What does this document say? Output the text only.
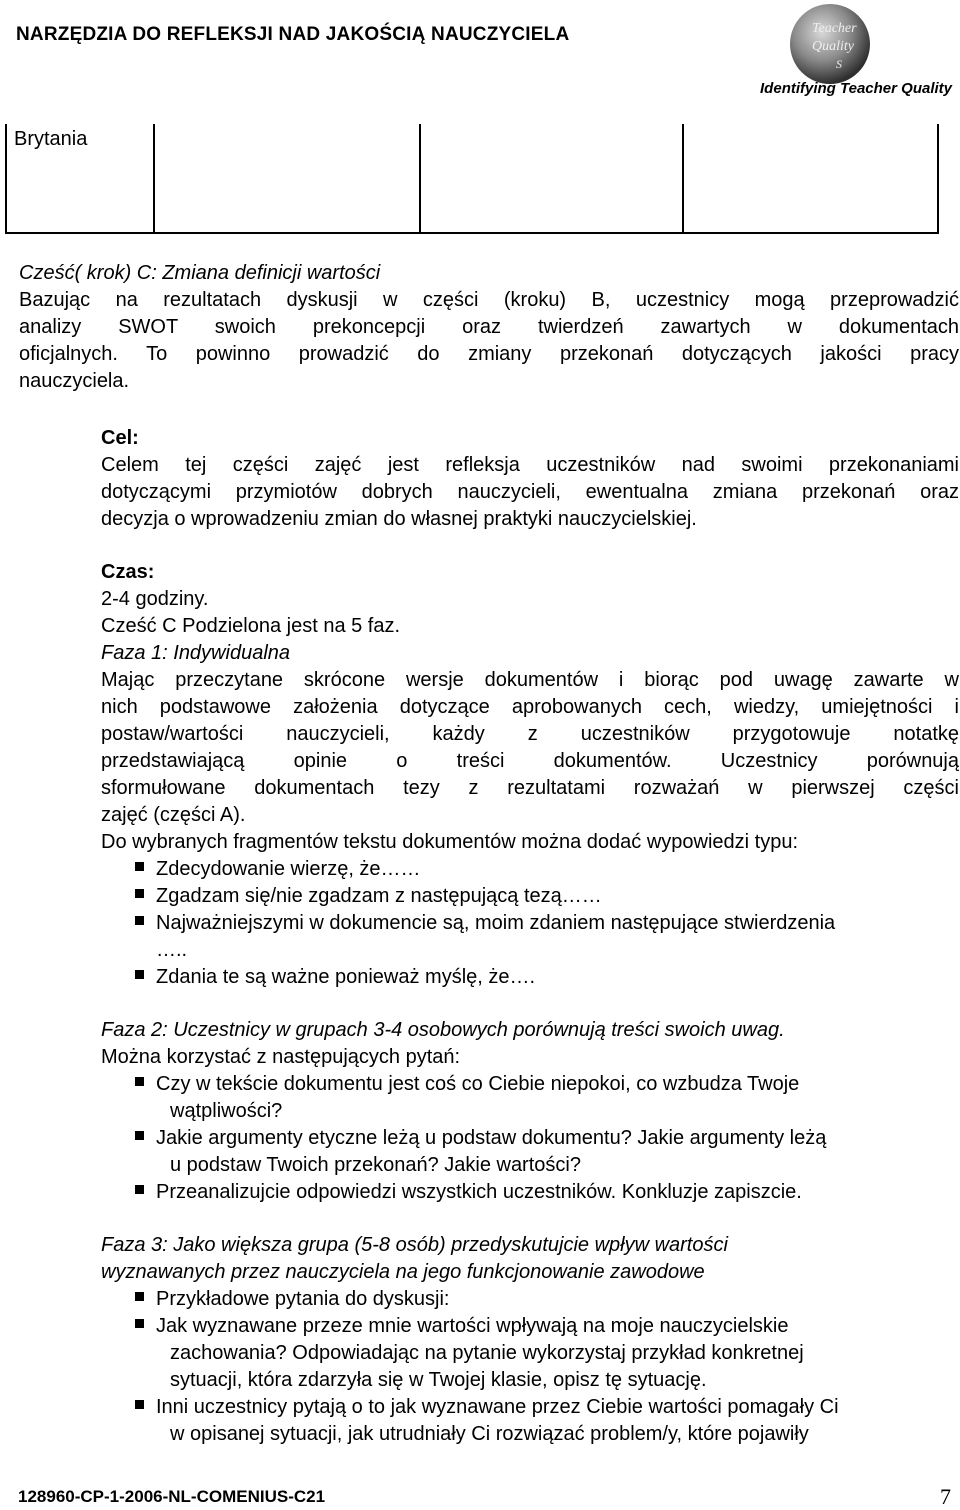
NARZĘDZIA DO REFLEKSJI NAD JAKOŚCIĄ NAUCZYCIELA	Teacher
Quality
S
Identifying Teacher Quality
Brytania
Cześć( krok) C: Zmiana definicji wartości
Bazując na rezultatach dyskusji w części (kroku) B, uczestnicy mogą przeprowadzić
analizy SWOT swoich prekoncepcji oraz twierdzeń zawartych w dokumentach
oficjalnych. To powinno prowadzić do zmiany przekonań dotyczących jakości pracy
nauczyciela.
Cel:
Celem tej części zajęć jest refleksja uczestników nad swoimi przekonaniami
dotyczącymi przymiotów dobrych nauczycieli, ewentualna zmiana przekonań oraz
decyzja o wprowadzeniu zmian do własnej praktyki nauczycielskiej.
Czas:
2-4 godziny.
Cześć C Podzielona jest na 5 faz.
Faza 1: Indywidualna
Mając przeczytane skrócone wersje dokumentów i biorąc pod uwagę zawarte w
nich podstawowe założenia dotyczące aprobowanych cech, wiedzy, umiejętności i
postaw/wartości nauczycieli, każdy z uczestników przygotowuje notatkę
przedstawiającą opinie o treści dokumentów. Uczestnicy porównują
sformułowane dokumentach tezy z rezultatami rozważań w pierwszej części
zajęć (części A).
Do wybranych fragmentów tekstu dokumentów można dodać wypowiedzi typu:
Zdecydowanie wierzę, że……
Zgadzam się/nie zgadzam z następującą tezą……
Najważniejszymi w dokumencie są, moim zdaniem następujące stwierdzenia
…..
Zdania te są ważne ponieważ myślę, że….
Faza 2: Uczestnicy w grupach 3-4 osobowych porównują treści swoich uwag.
Można korzystać z następujących pytań:
Czy w tekście dokumentu jest coś co Ciebie niepokoi, co wzbudza Twoje
wątpliwości?
Jakie argumenty etyczne leżą u podstaw dokumentu? Jakie argumenty leżą
u podstaw Twoich przekonań? Jakie wartości?
Przeanalizujcie odpowiedzi wszystkich uczestników. Konkluzje zapiszcie.
Faza 3: Jako większa grupa (5-8 osób) przedyskutujcie wpływ wartości
wyznawanych przez nauczyciela na jego funkcjonowanie zawodowe
Przykładowe pytania do dyskusji:
Jak wyznawane przeze mnie wartości wpływają na moje nauczycielskie
zachowania? Odpowiadając na pytanie wykorzystaj przykład konkretnej
sytuacji, która zdarzyła się w Twojej klasie, opisz tę sytuację.
Inni uczestnicy pytają o to jak wyznawane przez Ciebie wartości pomagały Ci
w opisanej sytuacji, jak utrudniały Ci rozwiązać problem/y, które pojawiły
128960-CP-1-2006-NL-COMENIUS-C21	7
